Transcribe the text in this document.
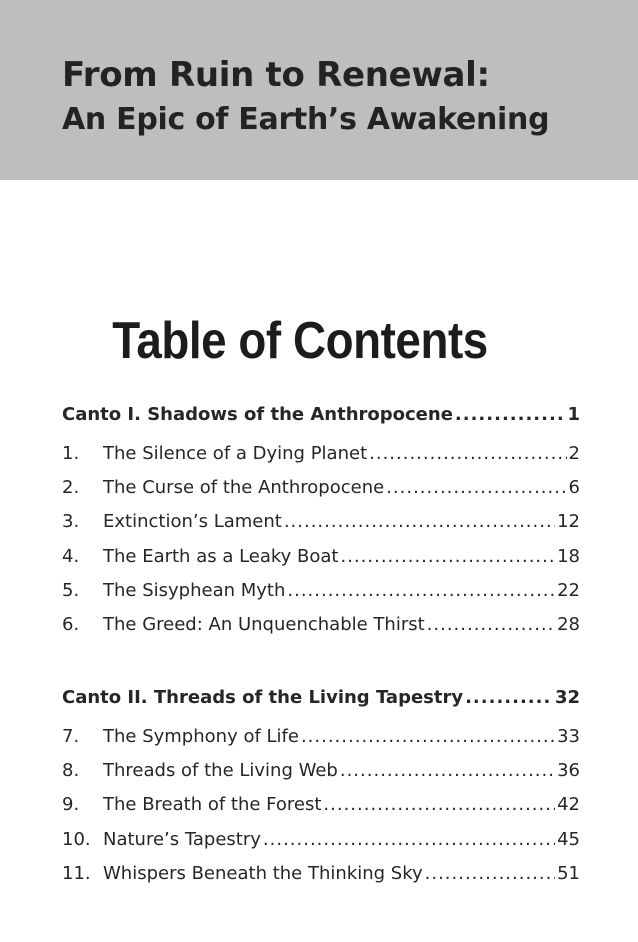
From Ruin to Renewal:
An Epic of Earth’s Awakening
Table of Contents
Canto I. Shadows of the Anthropocene .....	1
1.	The Silence of a Dying Planet .....	2
2.	The Curse of the Anthropocene .....	6
3.	Extinction’s Lament .....	12
4.	The Earth as a Leaky Boat .....	18
5.	The Sisyphean Myth .....	22
6.	The Greed: An Unquenchable Thirst .....	28
Canto II. Threads of the Living Tapestry .....	32
7.	The Symphony of Life .....	33
8.	Threads of the Living Web .....	36
9.	The Breath of the Forest .....	42
10. Nature’s Tapestry .....	45
11. Whispers Beneath the Thinking Sky .....	51
